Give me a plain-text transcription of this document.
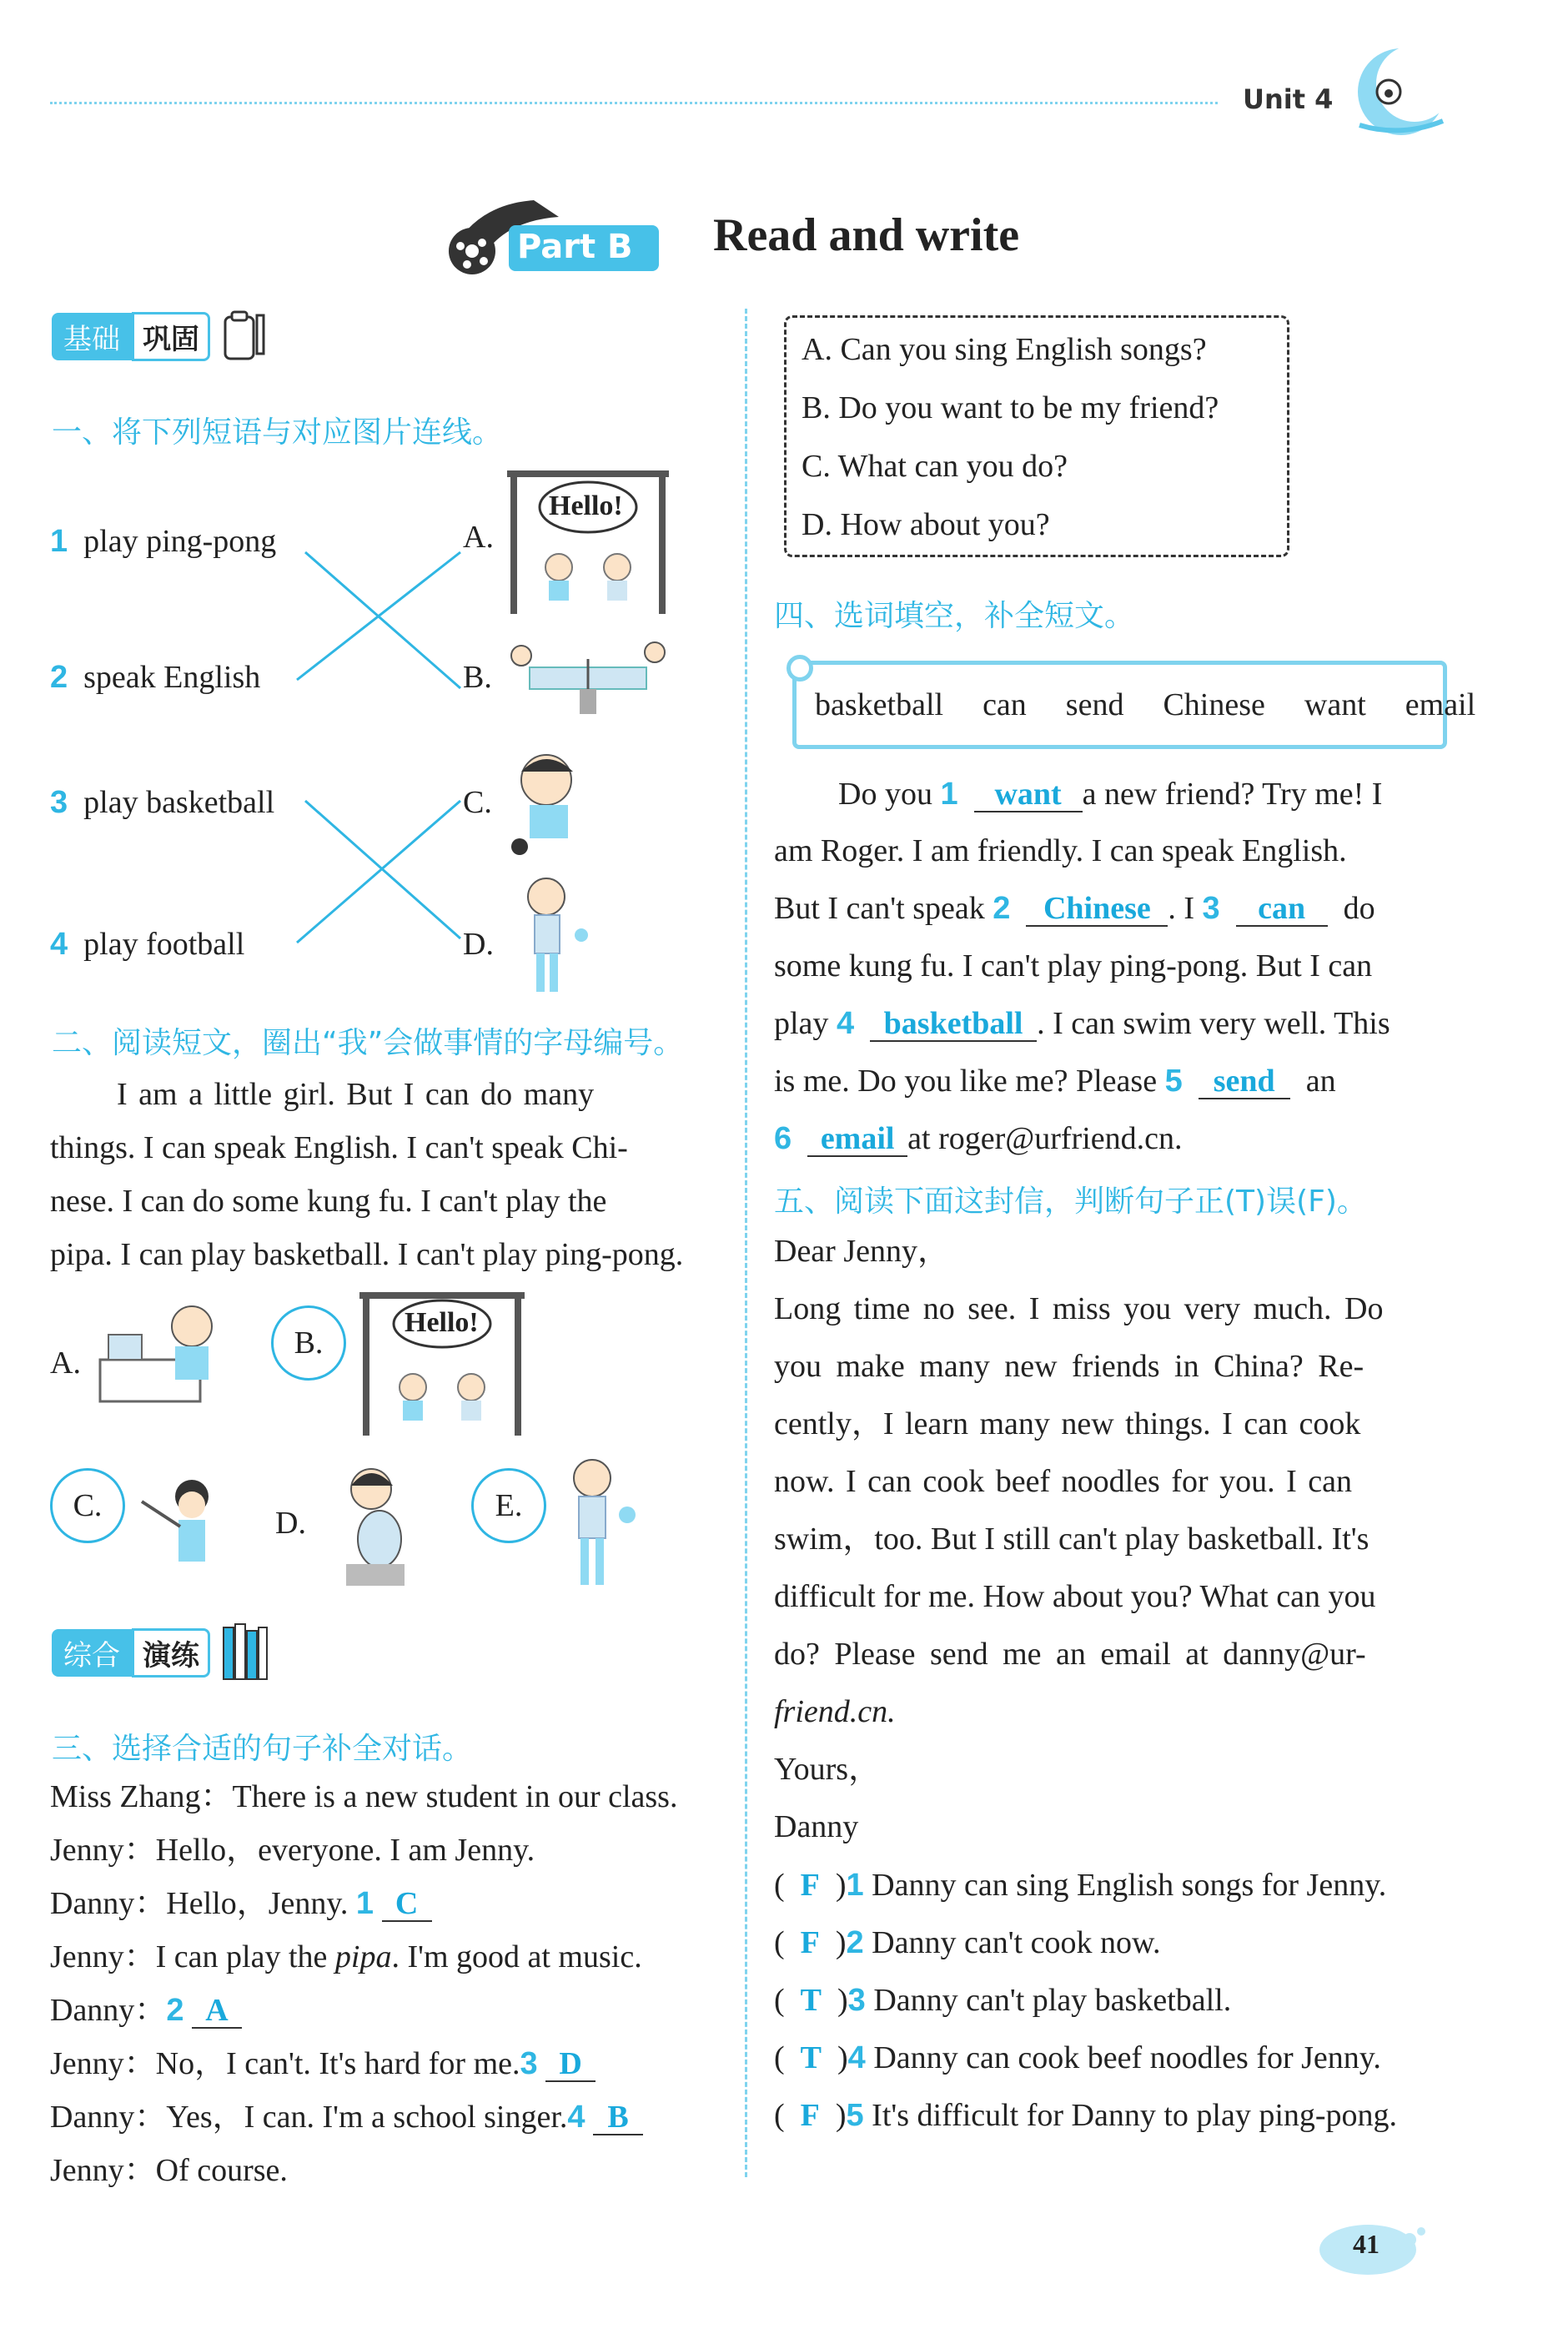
Unit 4
Part B Read and write
基础 巩固
一、将下列短语与对应图片连线。
1 play ping-pong
2 speak English
3 play basketball
4 play football
A.
B.
C.
D.
Hello!
二、阅读短文，圈出“我”会做事情的字母编号。
I am a little girl. But I can do many
things. I can speak English. I can't speak Chi-
nese. I can do some kung fu. I can't play the
pipa. I can play basketball. I can't play ping-pong.
A.
B.
Hello!
C.	D.	E.
综合 演练
三、选择合适的句子补全对话。
Miss Zhang：There is a new student in our class.
Jenny：Hello，everyone. I am Jenny.
Danny：Hello，Jenny. 1 C
Jenny：I can play the pipa. I'm good at music.
Danny：2 A
Jenny：No，I can't. It's hard for me.3 D
Danny：Yes，I can. I'm a school singer.4 B
Jenny：Of course.
A. Can you sing English songs?
B. Do you want to be my friend?
C. What can you do?
D. How about you?
四、选词填空，补全短文。
basketball can send Chinese want email
Do you 1 want a new friend? Try me! I
am Roger. I am friendly. I can speak English.
But I can't speak 2 Chinese . I 3 can do
some kung fu. I can't play ping-pong. But I can
play 4 basketball . I can swim very well. This
is me. Do you like me? Please 5 send an
6 email at roger@urfriend.cn.
五、阅读下面这封信，判断句子正(T)误(F)。
Dear Jenny，
Long time no see. I miss you very much. Do
you make many new friends in China? Re-
cently，I learn many new things. I can cook
now. I can cook beef noodles for you. I can
swim，too. But I still can't play basketball. It's
difficult for me. How about you? What can you
do? Please send me an email at danny@ur-
friend.cn.
Yours，
Danny
(  F  )1 Danny can sing English songs for Jenny.
(  F  )2 Danny can't cook now.
(  T  )3 Danny can't play basketball.
(  T  )4 Danny can cook beef noodles for Jenny.
(  F  )5 It's difficult for Danny to play ping-pong.
41
